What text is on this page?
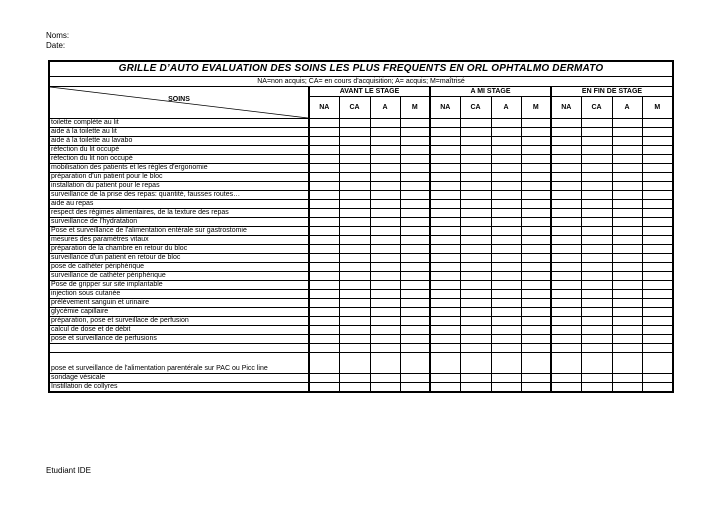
Noms:
Date:
GRILLE D’AUTO EVALUATION DES SOINS LES PLUS FREQUENTS EN ORL OPHTALMO DERMATO												
NA=non acquis; CA= en cours d'acquisition; A= acquis; M=maîtrisé												

SOINS	AVANT LE STAGE				A MI STAGE				EN FIN DE STAGE			
	NA	CA	A	M	NA	CA	A	M	NA	CA	A	M
toilette complète au lit												
aide à la toilette au lit												
aide à la toilette au lavabo												
réfection du lit occupé												
réfection du lit non occupé												
mobilisation des patients et les règles d'ergonomie												
préparation d'un patient pour le bloc												
installation du patient pour le repas												
surveillance de la prise des repas: quantité, fausses routes…												
aide au repas												
respect des régimes alimentaires, de la texture des repas												
surveillance de l'hydratation												
Pose et surveillance de l'alimentation entérale sur gastrostomie												
mesures des paramètres vitaux												
préparation de la chambre en retour du bloc												
surveillance d'un patient en retour de bloc												
pose de cathéter périphérique												
surveillance de cathéter périphérique												
Pose de gripper sur site implantable												
injection sous cutanée												
prélèvement sanguin et urinaire												
glycémie capillaire												
préparation, pose et surveillace de perfusion												
calcul de dose et de débit												
pose et surveillance de perfusions												

pose et surveillance de l'alimentation parentérale sur PAC ou Picc line												
sondage vésicale												
Instillation de collyres												
Etudiant IDE
